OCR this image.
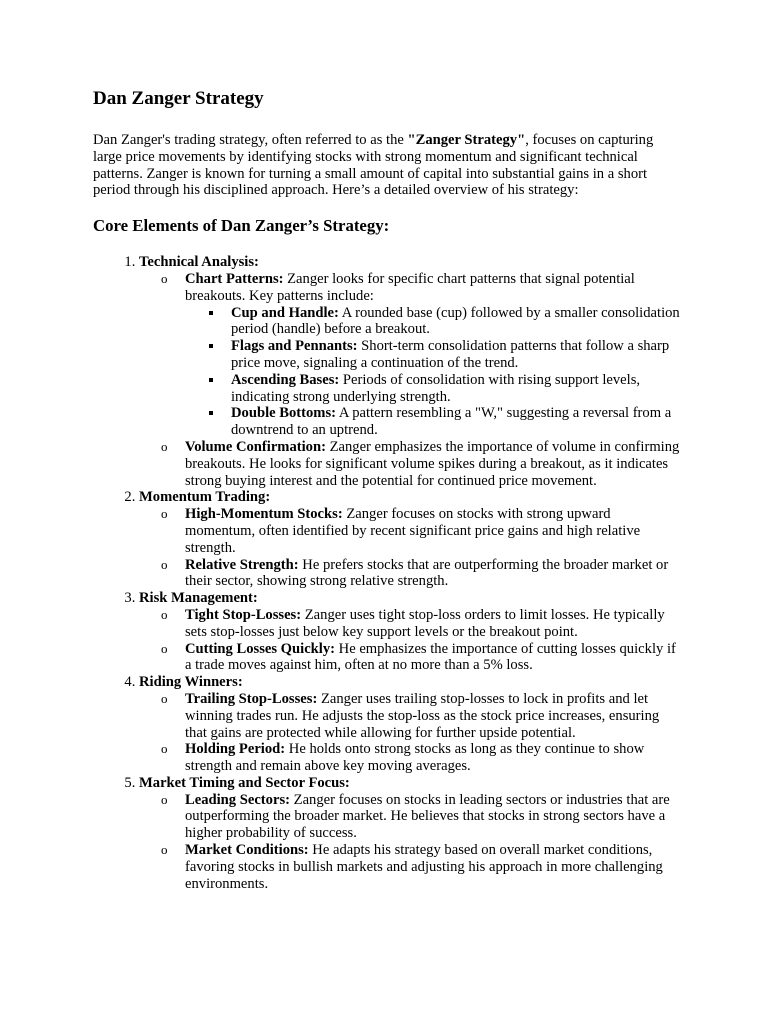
Dan Zanger Strategy

Dan Zanger's trading strategy, often referred to as the "Zanger Strategy", focuses on capturing large price movements by identifying stocks with strong momentum and significant technical patterns. Zanger is known for turning a small amount of capital into substantial gains in a short period through his disciplined approach. Here’s a detailed overview of his strategy:

Core Elements of Dan Zanger’s Strategy:
1. Technical Analysis:
o Chart Patterns: Zanger looks for specific chart patterns that signal potential breakouts. Key patterns include:
Cup and Handle: A rounded base (cup) followed by a smaller consolidation period (handle) before a breakout.
Flags and Pennants: Short-term consolidation patterns that follow a sharp price move, signaling a continuation of the trend.
Ascending Bases: Periods of consolidation with rising support levels, indicating strong underlying strength.
Double Bottoms: A pattern resembling a "W," suggesting a reversal from a downtrend to an uptrend.
o Volume Confirmation: Zanger emphasizes the importance of volume in confirming breakouts. He looks for significant volume spikes during a breakout, as it indicates strong buying interest and the potential for continued price movement.
2. Momentum Trading:
o High-Momentum Stocks: Zanger focuses on stocks with strong upward momentum, often identified by recent significant price gains and high relative strength.
o Relative Strength: He prefers stocks that are outperforming the broader market or their sector, showing strong relative strength.
3. Risk Management:
o Tight Stop-Losses: Zanger uses tight stop-loss orders to limit losses. He typically sets stop-losses just below key support levels or the breakout point.
o Cutting Losses Quickly: He emphasizes the importance of cutting losses quickly if a trade moves against him, often at no more than a 5% loss.
4. Riding Winners:
o Trailing Stop-Losses: Zanger uses trailing stop-losses to lock in profits and let winning trades run. He adjusts the stop-loss as the stock price increases, ensuring that gains are protected while allowing for further upside potential.
o Holding Period: He holds onto strong stocks as long as they continue to show strength and remain above key moving averages.
5. Market Timing and Sector Focus:
o Leading Sectors: Zanger focuses on stocks in leading sectors or industries that are outperforming the broader market. He believes that stocks in strong sectors have a higher probability of success.
o Market Conditions: He adapts his strategy based on overall market conditions, favoring stocks in bullish markets and adjusting his approach in more challenging environments.
